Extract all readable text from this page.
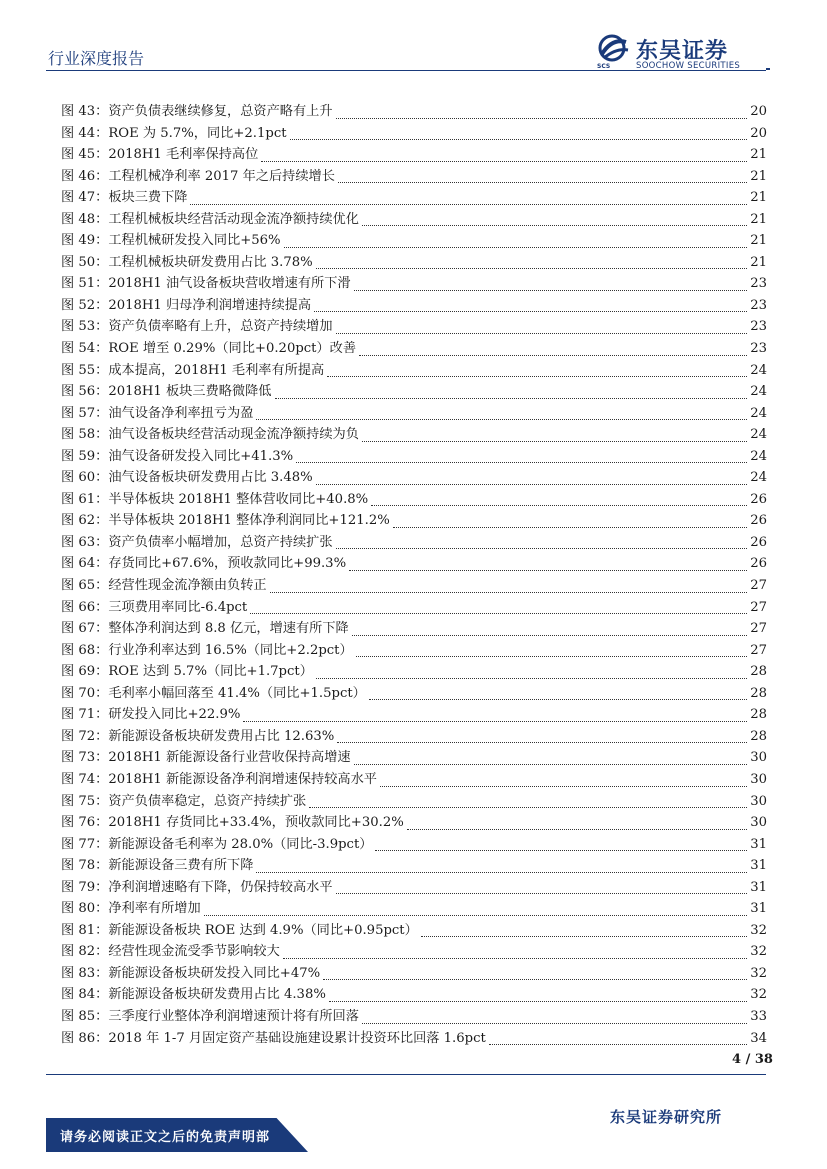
行业深度报告	SCS
东吴证券
SOOCHOW SECURITIES
图 43：资产负债表继续修复，总资产略有上升	20
图 44：ROE 为 5.7%，同比+2.1pct	20
图 45：2018H1 毛利率保持高位	21
图 46：工程机械净利率 2017 年之后持续增长	21
图 47：板块三费下降	21
图 48：工程机械板块经营活动现金流净额持续优化	21
图 49：工程机械研发投入同比+56%	21
图 50：工程机械板块研发费用占比 3.78%	21
图 51：2018H1 油气设备板块营收增速有所下滑	23
图 52：2018H1 归母净利润增速持续提高	23
图 53：资产负债率略有上升，总资产持续增加	23
图 54：ROE 增至 0.29%（同比+0.20pct）改善	23
图 55：成本提高，2018H1 毛利率有所提高	24
图 56：2018H1 板块三费略微降低	24
图 57：油气设备净利率扭亏为盈	24
图 58：油气设备板块经营活动现金流净额持续为负	24
图 59：油气设备研发投入同比+41.3%	24
图 60：油气设备板块研发费用占比 3.48%	24
图 61：半导体板块 2018H1 整体营收同比+40.8%	26
图 62：半导体板块 2018H1 整体净利润同比+121.2%	26
图 63：资产负债率小幅增加，总资产持续扩张	26
图 64：存货同比+67.6%，预收款同比+99.3%	26
图 65：经营性现金流净额由负转正	27
图 66：三项费用率同比-6.4pct	27
图 67：整体净利润达到 8.8 亿元，增速有所下降	27
图 68：行业净利率达到 16.5%（同比+2.2pct）	27
图 69：ROE 达到 5.7%（同比+1.7pct）	28
图 70：毛利率小幅回落至 41.4%（同比+1.5pct）	28
图 71：研发投入同比+22.9%	28
图 72：新能源设备板块研发费用占比 12.63%	28
图 73：2018H1 新能源设备行业营收保持高增速	30
图 74：2018H1 新能源设备净利润增速保持较高水平	30
图 75：资产负债率稳定，总资产持续扩张	30
图 76：2018H1 存货同比+33.4%，预收款同比+30.2%	30
图 77：新能源设备毛利率为 28.0%（同比-3.9pct）	31
图 78：新能源设备三费有所下降	31
图 79：净利润增速略有下降，仍保持较高水平	31
图 80：净利率有所增加	31
图 81：新能源设备板块 ROE 达到 4.9%（同比+0.95pct）	32
图 82：经营性现金流受季节影响较大	32
图 83：新能源设备板块研发投入同比+47%	32
图 84：新能源设备板块研发费用占比 4.38%	32
图 85：三季度行业整体净利润增速预计将有所回落	33
图 86：2018 年 1-7 月固定资产基础设施建设累计投资环比回落 1.6pct	34
4 / 38
请务必阅读正文之后的免责声明部
东吴证券研究所
